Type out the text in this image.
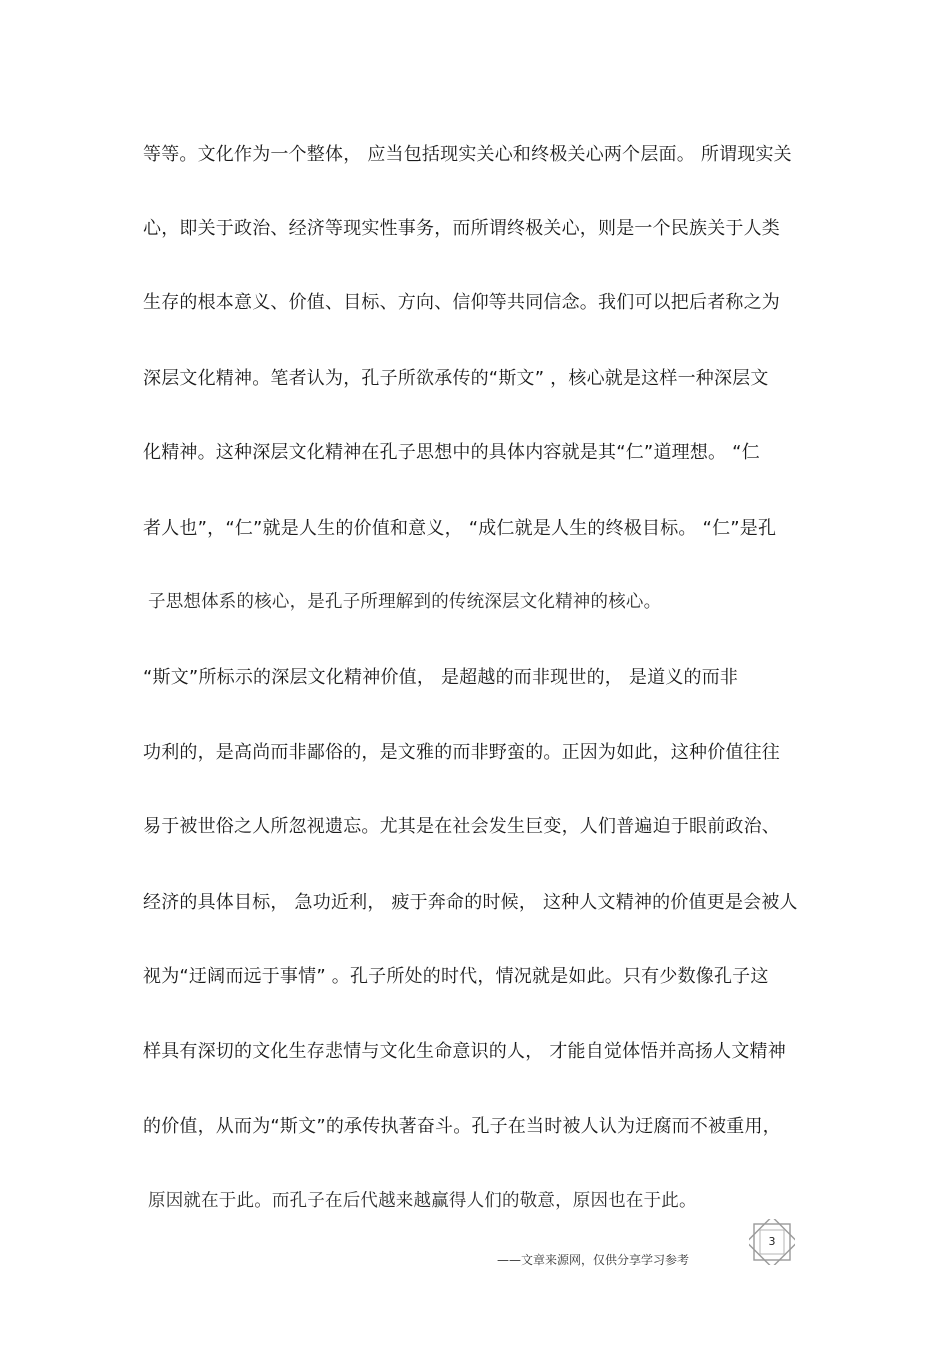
等等。文化作为一个整体， 应当包括现实关心和终极关心两个层面。 所谓现实关
心，即关于政治、经济等现实性事务，而所谓终极关心，则是一个民族关于人类
生存的根本意义、价值、目标、方向、信仰等共同信念。我们可以把后者称之为
深层文化精神。笔者认为，孔子所欲承传的“斯文” ，核心就是这样一种深层文
化精神。这种深层文化精神在孔子思想中的具体内容就是其“仁”道理想。 “仁
者人也”，“仁”就是人生的价值和意义， “成仁就是人生的终极目标。 “仁”是孔
子思想体系的核心，是孔子所理解到的传统深层文化精神的核心。
“斯文”所标示的深层文化精神价值， 是超越的而非现世的， 是道义的而非
功利的，是高尚而非鄙俗的，是文雅的而非野蛮的。正因为如此，这种价值往往
易于被世俗之人所忽视遗忘。尤其是在社会发生巨变，人们普遍迫于眼前政治、
经济的具体目标， 急功近利， 疲于奔命的时候， 这种人文精神的价值更是会被人
视为“迂阔而远于事情” 。孔子所处的时代，情况就是如此。只有少数像孔子这
样具有深切的文化生存悲情与文化生命意识的人， 才能自觉体悟并高扬人文精神
的价值，从而为“斯文”的承传执著奋斗。孔子在当时被人认为迂腐而不被重用，
原因就在于此。而孔子在后代越来越赢得人们的敬意，原因也在于此。
3
——文章来源网，仅供分享学习参考
